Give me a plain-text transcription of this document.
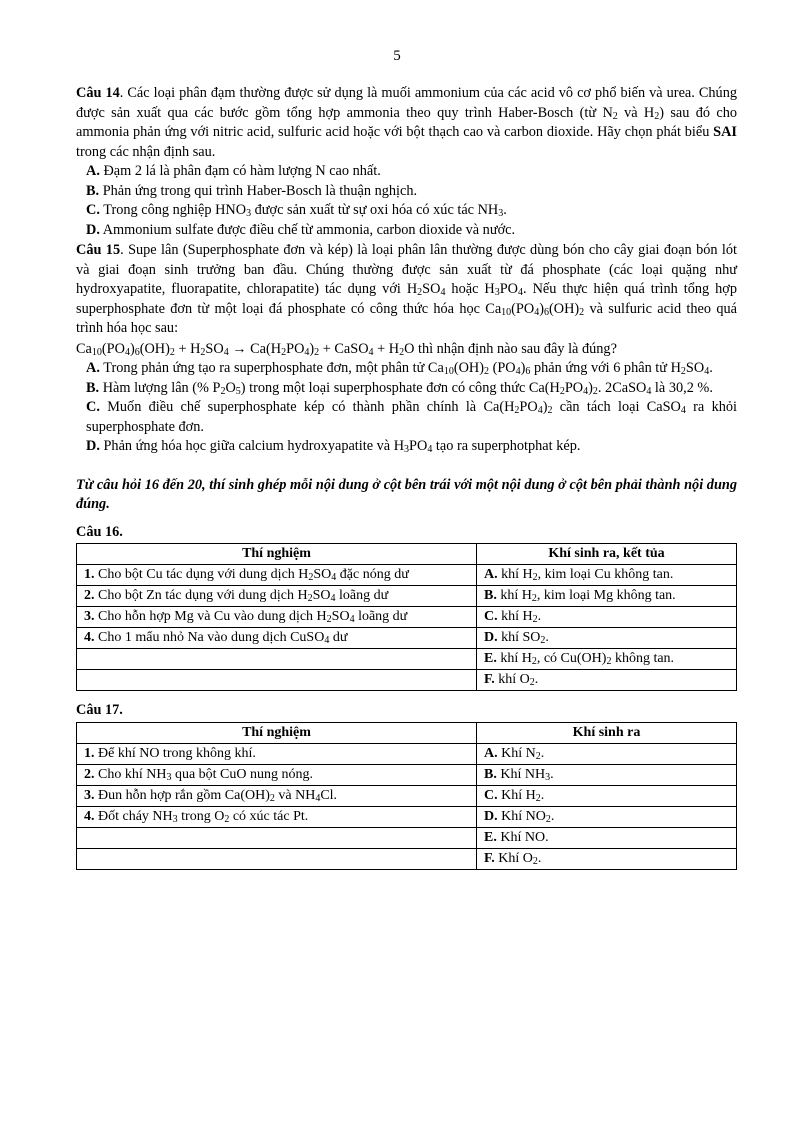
5

Câu 14. Các loại phân đạm thường được sử dụng là muối ammonium của các acid vô cơ phổ biến và urea. Chúng được sản xuất qua các bước gồm tổng hợp ammonia theo quy trình Haber-Bosch (từ $N_2$ và $H_2$) sau đó cho ammonia phản ứng với nitric acid, sulfuric acid hoặc với bột thạch cao và carbon dioxide. Hãy chọn phát biểu SAI trong các nhận định sau.

A. Đạm 2 lá là phân đạm có hàm lượng N cao nhất.

B. Phản ứng trong qui trình Haber-Bosch là thuận nghịch.

C. Trong công nghiệp $HNO_3$ được sản xuất từ sự oxi hóa có xúc tác $NH_3$.

D. Ammonium sulfate được điều chế từ ammonia, carbon dioxide và nước.

Câu 15. Supe lân (Superphosphate đơn và kép) là loại phân lân thường được dùng bón cho cây giai đoạn bón lót và giai đoạn sinh trưởng ban đầu. Chúng thường được sản xuất từ đá phosphate (các loại quặng như hydroxyapatite, fluorapatite, chlorapatite) tác dụng với $H_2SO_4$ hoặc $H_3PO_4$. Nếu thực hiện quá trình tổng hợp superphosphate đơn từ một loại đá phosphate có công thức hóa học $Ca_{10}(PO_4)_6(OH)_2$ và sulfuric acid theo quá trình hóa học sau:

$Ca_{10}(PO_4)_6(OH)_2 + H_2SO_4 \to Ca(H_2PO_4)_2$ + CaSO$_4$ + $H_2O$ thì nhận định nào sau đây là đúng?

A. Trong phản ứng tạo ra superphosphate đơn, một phân tử $Ca_{10}(OH)_2$ $(PO_4)_6$ phản ứng với 6 phân tử $H_2SO_4$.

B. Hàm lượng lân (% $P_2O_5$) trong một loại superphosphate đơn có công thức $Ca(H_2PO_4)_2$. 2CaSO$_4$ là 30,2 %.

C. Muốn điều chế superphosphate kép có thành phần chính là $Ca(H_2PO_4)_2$ cần tách loại CaSO$_4$ ra khỏi superphosphate đơn.

D. Phản ứng hóa học giữa calcium hydroxyapatite và $H_3PO_4$ tạo ra superphotphat kép.

Từ câu hỏi 16 đến 20, thí sinh ghép mỗi nội dung ở cột bên trái với một nội dung ở cột bên phải thành nội dung đúng.

Câu 16.

Thí nghiệm	Khí sinh ra, kết tủa
1. Cho bột Cu tác dụng với dung dịch $H_2SO_4$ đặc nóng dư	A. khí $H_2$, kim loại Cu không tan.
2. Cho bột Zn tác dụng với dung dịch $H_2SO_4$ loãng dư	B. khí $H_2$, kim loại Mg không tan.
3. Cho hỗn hợp Mg và Cu vào dung dịch $H_2SO_4$ loãng dư	C. khí $H_2$.
4. Cho 1 mẩu nhỏ Na vào dung dịch CuSO$_4$ dư	D. khí $SO_2$.
	E. khí $H_2$, có $Cu(OH)_2$ không tan.
	F. khí $O_2$.

Câu 17.

Thí nghiệm	Khí sinh ra
1. Để khí NO trong không khí.	A. Khí $N_2$.
2. Cho khí $NH_3$ qua bột CuO nung nóng.	B. Khí $NH_3$.
3. Đun hỗn hợp rắn gồm $Ca(OH)_2$ và $NH_4Cl$.	C. Khí $H_2$.
4. Đốt cháy $NH_3$ trong $O_2$ có xúc tác Pt.	D. Khí $NO_2$.
	E. Khí NO.
	F. Khí $O_2$.
